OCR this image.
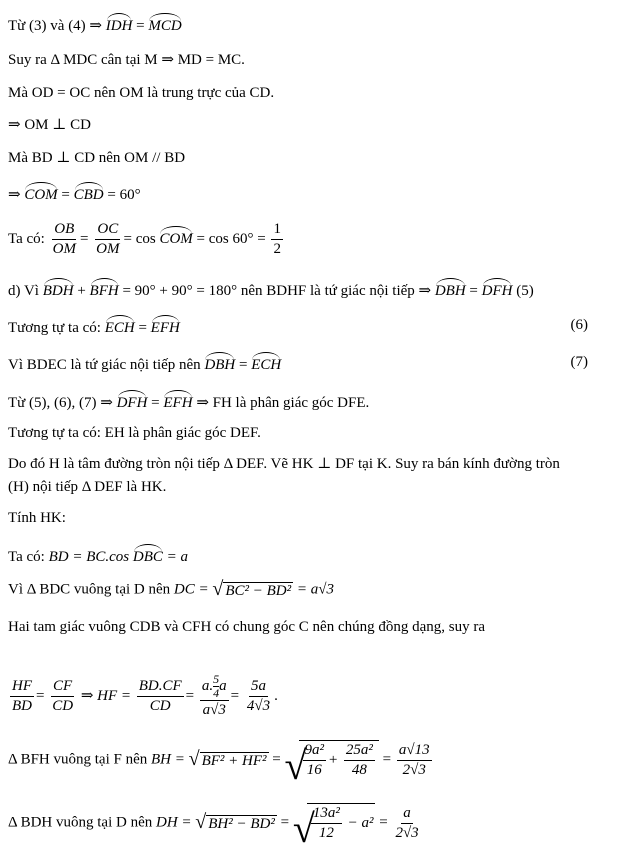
Từ (3) và (4) ⇒ IDH = MCD
Suy ra Δ MDC cân tại M ⇒ MD = MC.
Mà OD = OC nên OM là trung trực của CD.
⇒ OM ⊥ CD
Mà BD ⊥ CD nên OM // BD
⇒ COM = CBD = 60°
Ta có: $\frac{OB}{OM} = \frac{OC}{OM} = \cos$ COM = $\cos 60^\circ = \frac{1}{2}$
d) Vì BDH + BFH = 90° + 90° = 180° nên BDHF là tứ giác nội tiếp ⇒ DBH = DFH (5)
Tương tự ta có: ECH = EFH	(6)
Vì BDEC là tứ giác nội tiếp nên DBH = ECH	(7)
Từ (5), (6), (7) ⇒ DFH = EFH ⇒ FH là phân giác góc DFE.
Tương tự ta có: EH là phân giác góc DEF.
Do đó H là tâm đường tròn nội tiếp Δ DEF. Vẽ HK ⊥ DF tại K. Suy ra bán kính đường tròn
(H) nội tiếp Δ DEF là HK.
Tính HK:
Ta có: BD = BC.cos DBC = a
Vì Δ BDC vuông tại D nên DC = √ BC² − BD² = a√3
Hai tam giác vuông CDB và CFH có chung góc C nên chúng đồng dạng, suy ra
$\frac{HF}{BD} = \frac{CF}{CD}$ ⇒ HF = $\frac{BD.CF}{CD} = \frac{a. \frac{5}{4} a}{a√3} = \frac{5a}{4√3}$ .
Δ BFH vuông tại F nên BH = √ BF² + HF² = √ $\frac{\text{9a²}}{16} + \frac{\text{25a²}}{48} = \frac{a√13}{2√3}$
Δ BDH vuông tại D nên DH = √ BH² − BD² = √ $\frac{\text{13a²}}{12} - a^2 = \frac{a}{2√3}$
